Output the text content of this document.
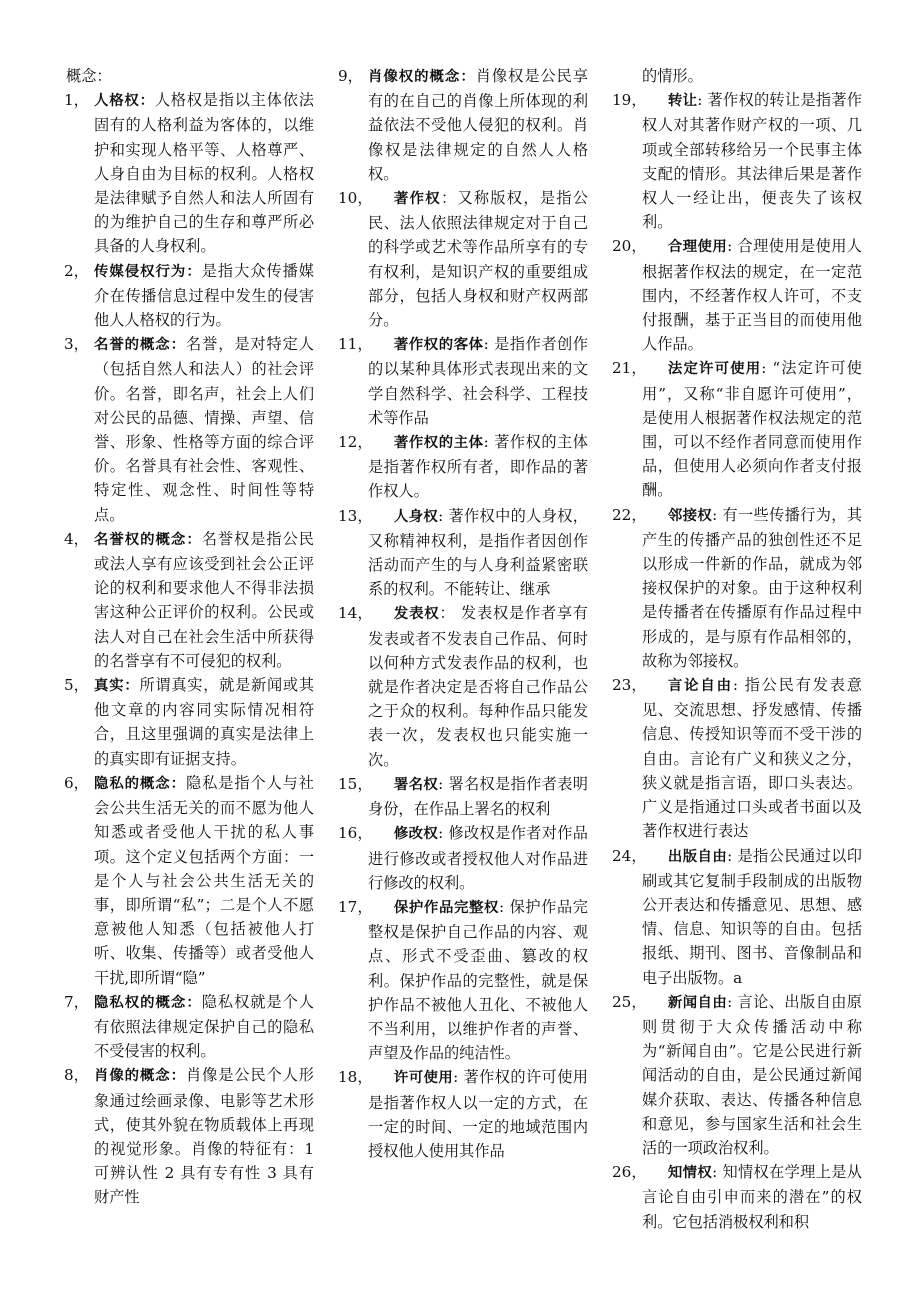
概念：

1， 人格权：人格权是指以主体依法固有的人格利益为客体的，以维护和实现人格平等、人格尊严、人身自由为目标的权利。人格权是法律赋予自然人和法人所固有的为维护自己的生存和尊严所必具备的人身权利。

2， 传媒侵权行为：是指大众传播媒介在传播信息过程中发生的侵害他人人格权的行为。

3， 名誉的概念：名誉，是对特定人（包括自然人和法人）的社会评价。名誉，即名声，社会上人们对公民的品德、情操、声望、信誉、形象、性格等方面的综合评价。名誉具有社会性、客观性、特定性、观念性、时间性等特点。

4， 名誉权的概念：名誉权是指公民或法人享有应该受到社会公正评论的权利和要求他人不得非法损害这种公正评价的权利。公民或法人对自己在社会生活中所获得的名誉享有不可侵犯的权利。

5， 真实：所谓真实，就是新闻或其他文章的内容同实际情况相符合，且这里强调的真实是法律上的真实即有证据支持。

6， 隐私的概念：隐私是指个人与社会公共生活无关的而不愿为他人知悉或者受他人干扰的私人事项。这个定义包括两个方面：一是个人与社会公共生活无关的事，即所谓“私”；二是个人不愿意被他人知悉（包括被他人打听、收集、传播等）或者受他人干扰,即所谓“隐”

7， 隐私权的概念：隐私权就是个人有依照法律规定保护自己的隐私不受侵害的权利。

8， 肖像的概念：肖像是公民个人形象通过绘画录像、电影等艺术形式，使其外貌在物质载体上再现的视觉形象。肖像的特征有：1 可辨认性 2 具有专有性 3 具有财产性

9， 肖像权的概念：肖像权是公民享有的在自己的肖像上所体现的利益依法不受他人侵犯的权利。肖像权是法律规定的自然人人格权。

10， 著作权：又称版权，是指公民、法人依照法律规定对于自己的科学或艺术等作品所享有的专有权利，是知识产权的重要组成部分，包括人身权和财产权两部分。

11， 著作权的客体: 是指作者创作的以某种具体形式表现出来的文学自然科学、社会科学、工程技术等作品

12， 著作权的主体: 著作权的主体是指著作权所有者，即作品的著作权人。

13， 人身权: 著作权中的人身权，又称精神权利，是指作者因创作活动而产生的与人身利益紧密联系的权利。不能转让、继承

14， 发表权： 发表权是作者享有发表或者不发表自己作品、何时以何种方式发表作品的权利，也就是作者决定是否将自己作品公之于众的权利。每种作品只能发表一次，发表权也只能实施一次。

15， 署名权: 署名权是指作者表明身份，在作品上署名的权利

16， 修改权: 修改权是作者对作品进行修改或者授权他人对作品进行修改的权利。

17， 保护作品完整权: 保护作品完整权是保护自己作品的内容、观点、形式不受歪曲、篡改的权利。保护作品的完整性，就是保护作品不被他人丑化、不被他人不当利用，以维护作者的声誉、声望及作品的纯洁性。

18， 许可使用: 著作权的许可使用是指著作权人以一定的方式，在一定的时间、一定的地域范围内授权他人使用其作品

的情形。

19， 转让: 著作权的转让是指著作权人对其著作财产权的一项、几项或全部转移给另一个民事主体支配的情形。其法律后果是著作权人一经让出，便丧失了该权利。

20， 合理使用: 合理使用是使用人根据著作权法的规定，在一定范围内，不经著作权人许可，不支付报酬，基于正当目的而使用他人作品。

21， 法定许可使用: “法定许可使用”，又称“非自愿许可使用”，是使用人根据著作权法规定的范围，可以不经作者同意而使用作品，但使用人必须向作者支付报酬。

22， 邻接权: 有一些传播行为，其产生的传播产品的独创性还不足以形成一件新的作品，就成为邻接权保护的对象。由于这种权利是传播者在传播原有作品过程中形成的，是与原有作品相邻的，故称为邻接权。

23， 言论自由: 指公民有发表意见、交流思想、抒发感情、传播信息、传授知识等而不受干涉的自由。言论有广义和狭义之分，狭义就是指言语，即口头表达。广义是指通过口头或者书面以及著作权进行表达

24， 出版自由: 是指公民通过以印刷或其它复制手段制成的出版物公开表达和传播意见、思想、感情、信息、知识等的自由。包括报纸、期刊、图书、音像制品和电子出版物。a

25， 新闻自由: 言论、出版自由原则贯彻于大众传播活动中称为“新闻自由”。它是公民进行新闻活动的自由，是公民通过新闻媒介获取、表达、传播各种信息和意见，参与国家生活和社会生活的一项政治权利。

26， 知情权: 知情权在学理上是从言论自由引申而来的潜在”的权利。它包括消极权利和积
